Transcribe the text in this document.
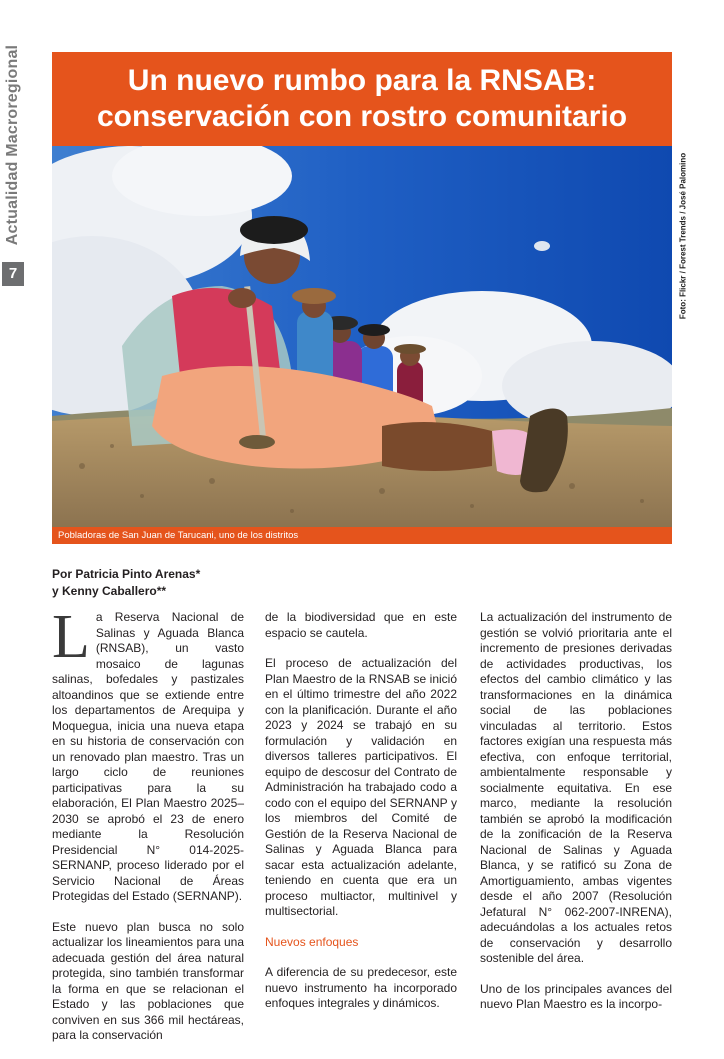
Actualidad Macroregional
7
Un nuevo rumbo para la RNSAB:
conservación con rostro comunitario
Pobladoras de San Juan de Tarucani, uno de los distritos
Foto: Flickr / Forest Trends / José Palomino
Por Patricia Pinto Arenas*
y Kenny Caballero**

La Reserva Nacional de Salinas y Aguada Blanca (RNSAB), un vasto mosaico de lagunas salinas, bofedales y pastizales altoandinos que se extiende entre los departamentos de Arequipa y Moquegua, inicia una nueva etapa en su historia de conservación con un renovado plan maestro. Tras un largo ciclo de reuniones participativas para la su elaboración, El Plan Maestro 2025–2030 se aprobó el 23 de enero mediante la Resolución Presidencial N° 014-2025-SERNANP, proceso liderado por el Servicio Nacional de Áreas Protegidas del Estado (SERNANP).

Este nuevo plan busca no solo actualizar los lineamientos para una adecuada gestión del área natural protegida, sino también transformar la forma en que se relacionan el Estado y las poblaciones que conviven en sus 366 mil hectáreas, para la conservación

de la biodiversidad que en este espacio se cautela.

El proceso de actualización del Plan Maestro de la RNSAB se inició en el último trimestre del año 2022 con la planificación. Durante el año 2023 y 2024 se trabajó en su formulación y validación en diversos talleres participativos. El equipo de descosur del Contrato de Administración ha trabajado codo a codo con el equipo del SERNANP y los miembros del Comité de Gestión de la Reserva Nacional de Salinas y Aguada Blanca para sacar esta actualización adelante, teniendo en cuenta que era un proceso multiactor, multinivel y multisectorial.

Nuevos enfoques

A diferencia de su predecesor, este nuevo instrumento ha incorporado enfoques integrales y dinámicos.

La actualización del instrumento de gestión se volvió prioritaria ante el incremento de presiones derivadas de actividades productivas, los efectos del cambio climático y las transformaciones en la dinámica social de las poblaciones vinculadas al territorio. Estos factores exigían una respuesta más efectiva, con enfoque territorial, ambientalmente responsable y socialmente equitativa. En ese marco, mediante la resolución también se aprobó la modificación de la zonificación de la Reserva Nacional de Salinas y Aguada Blanca, y se ratificó su Zona de Amortiguamiento, ambas vigentes desde el año 2007 (Resolución Jefatural N° 062-2007-INRENA), adecuándolas a los actuales retos de conservación y desarrollo sostenible del área.

Uno de los principales avances del nuevo Plan Maestro es la incorpo-
